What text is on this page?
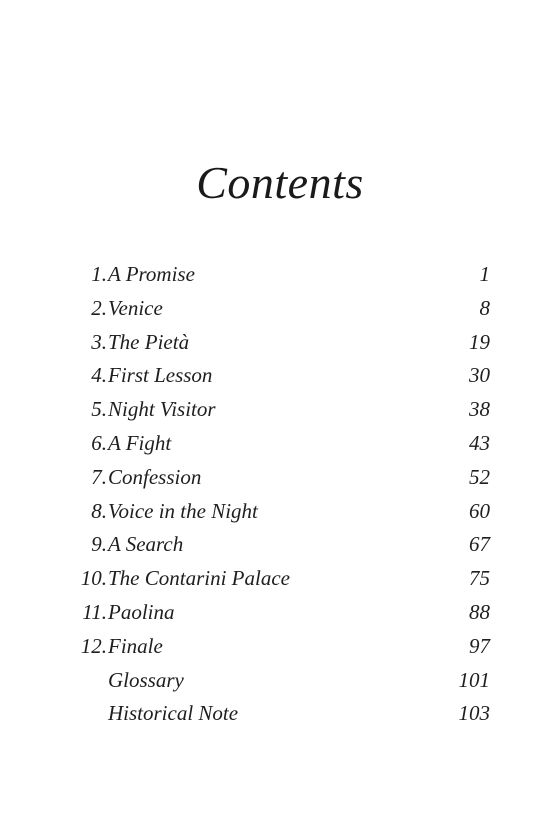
Contents
1. A Promise	1
2. Venice	8
3. The Pietà	19
4. First Lesson	30
5. Night Visitor	38
6. A Fight	43
7. Confession	52
8. Voice in the Night	60
9. A Search	67
10. The Contarini Palace	75
11. Paolina	88
12. Finale	97
Glossary	101
Historical Note	103
